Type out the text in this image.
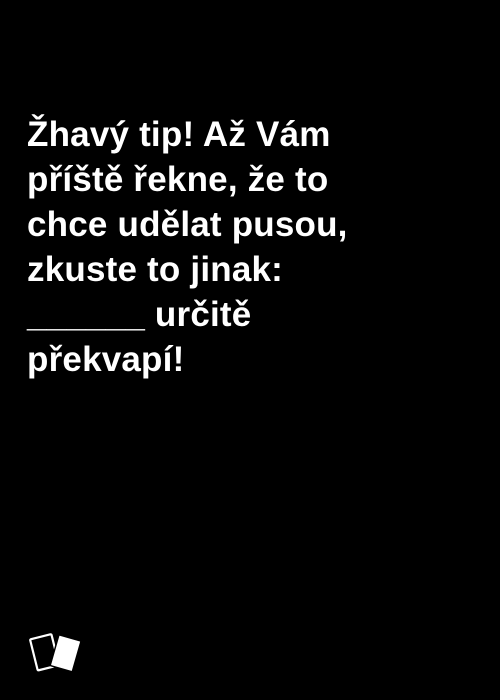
Žhavý tip! Až Vám
příště řekne, že to
chce udělat pusou,
zkuste to jinak:
______ určitě
překvapí!
